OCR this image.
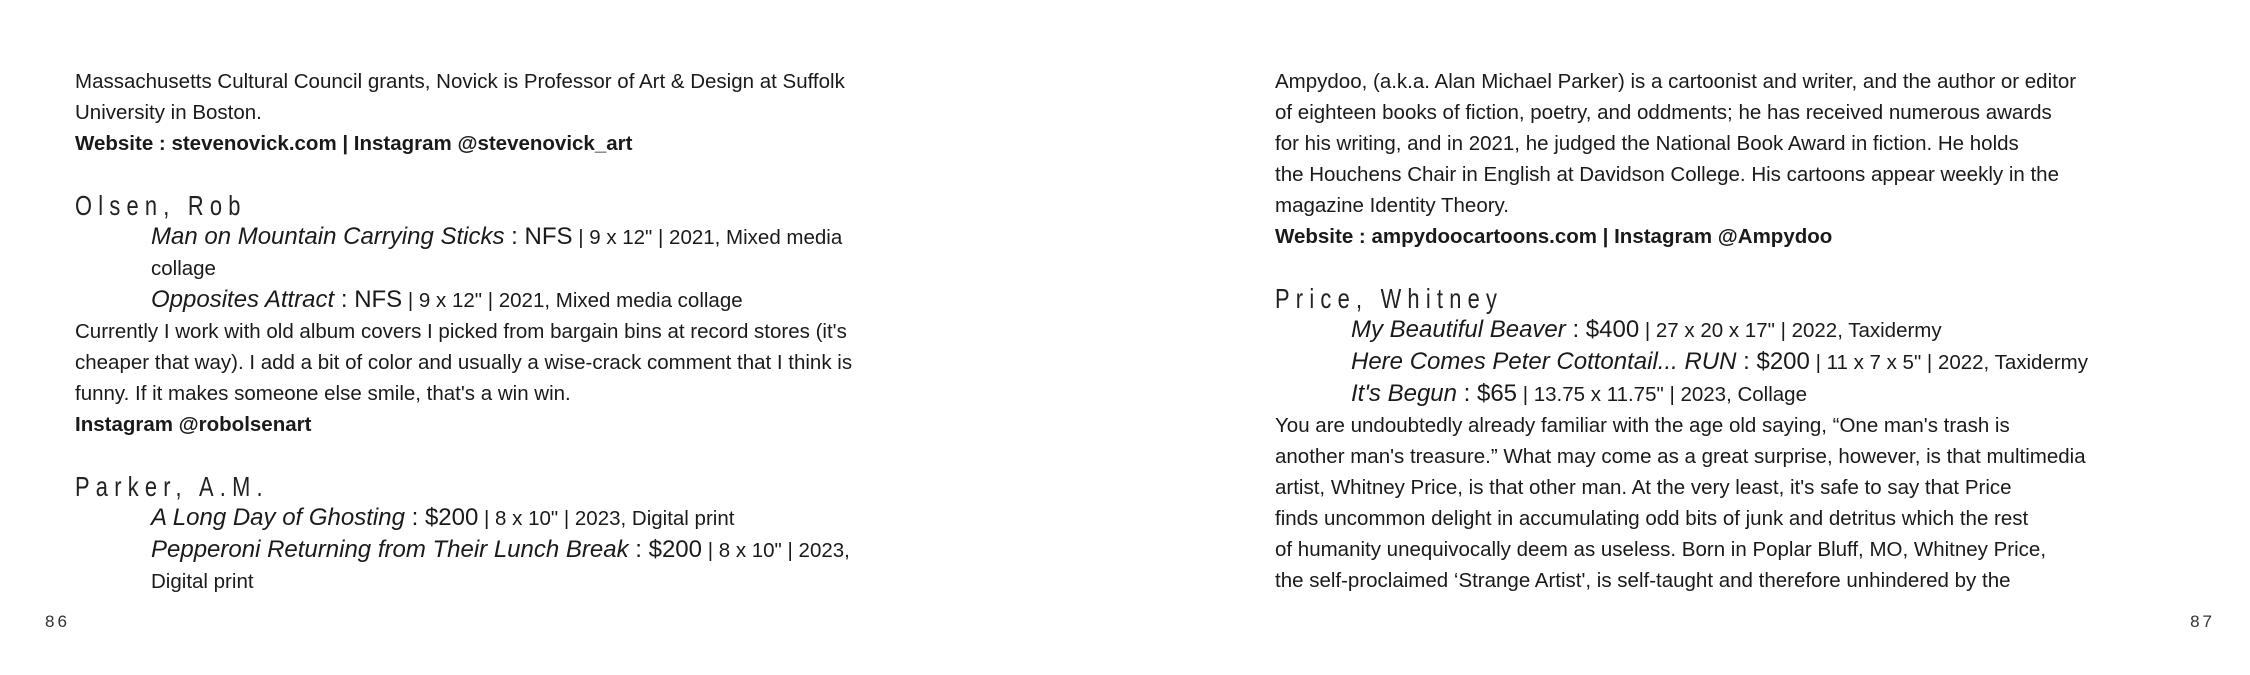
Massachusetts Cultural Council grants, Novick is Professor of Art & Design at Suffolk

University in Boston.

Website : stevenovick.com | Instagram @stevenovick_art

Olsen, Rob

Man on Mountain Carrying Sticks : NFS | 9 x 12" | 2021, Mixed media
collage
Opposites Attract : NFS | 9 x 12" | 2021, Mixed media collage

Currently I work with old album covers I picked from bargain bins at record stores (it's

cheaper that way). I add a bit of color and usually a wise-crack comment that I think is

funny. If it makes someone else smile, that's a win win.

Instagram @robolsenart

Parker, A.M.

A Long Day of Ghosting : $200 | 8 x 10" | 2023, Digital print
Pepperoni Returning from Their Lunch Break : $200 | 8 x 10" | 2023,
Digital print
86

Ampydoo, (a.k.a. Alan Michael Parker) is a cartoonist and writer, and the author or editor

of eighteen books of fiction, poetry, and oddments; he has received numerous awards

for his writing, and in 2021, he judged the National Book Award in fiction. He holds

the Houchens Chair in English at Davidson College. His cartoons appear weekly in the

magazine Identity Theory.

Website : ampydoocartoons.com | Instagram @Ampydoo

Price, Whitney

My Beautiful Beaver : $400 | 27 x 20 x 17" | 2022, Taxidermy
Here Comes Peter Cottontail... RUN : $200 | 11 x 7 x 5" | 2022, Taxidermy
It's Begun : $65 | 13.75 x 11.75" | 2023, Collage

You are undoubtedly already familiar with the age old saying, “One man's trash is

another man's treasure.” What may come as a great surprise, however, is that multimedia

artist, Whitney Price, is that other man. At the very least, it's safe to say that Price

finds uncommon delight in accumulating odd bits of junk and detritus which the rest

of humanity unequivocally deem as useless. Born in Poplar Bluff, MO, Whitney Price,

the self-proclaimed ‘Strange Artist', is self-taught and therefore unhindered by the

87
